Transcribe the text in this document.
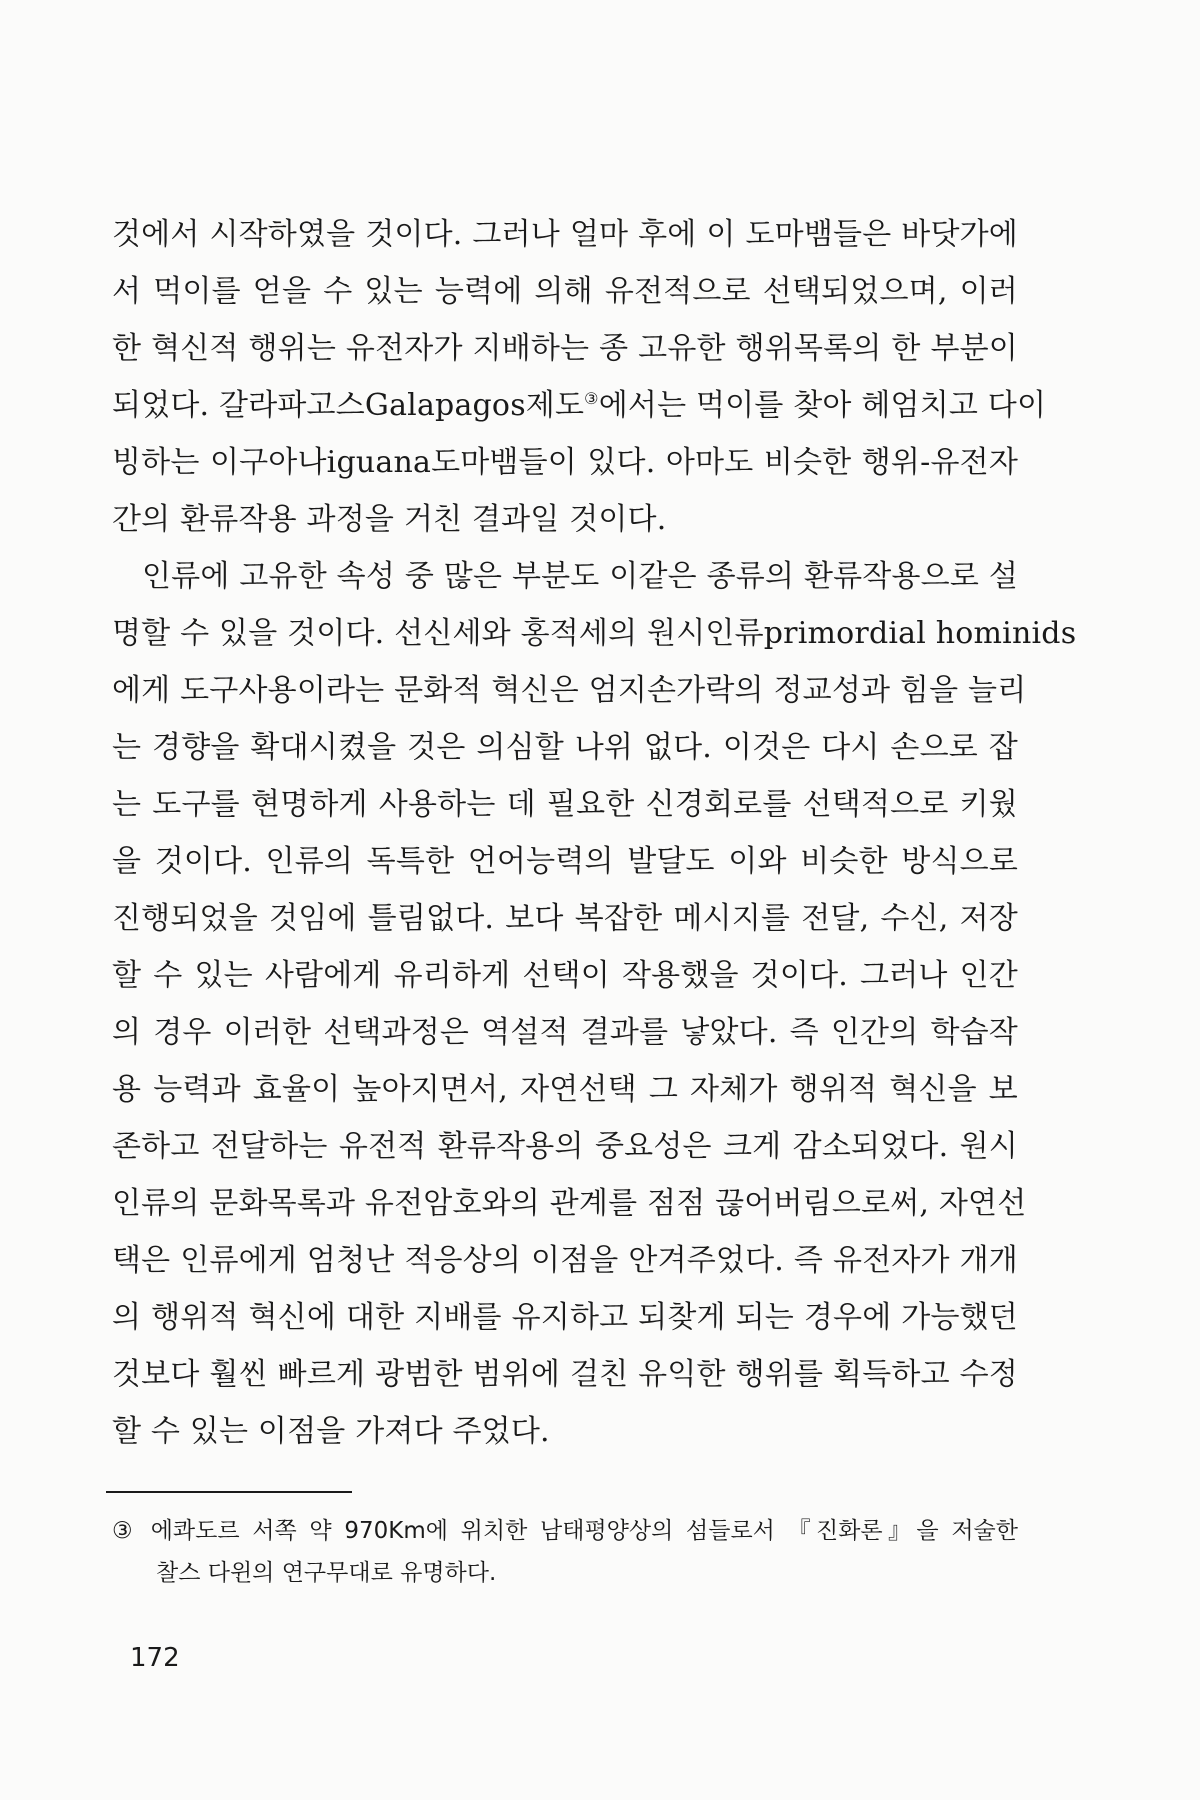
것에서 시작하였을 것이다. 그러나 얼마 후에 이 도마뱀들은 바닷가에
서 먹이를 얻을 수 있는 능력에 의해 유전적으로 선택되었으며, 이러
한 혁신적 행위는 유전자가 지배하는 종 고유한 행위목록의 한 부분이
되었다. 갈라파고스Galapagos제도③에서는 먹이를 찾아 헤엄치고 다이
빙하는 이구아나iguana도마뱀들이 있다. 아마도 비슷한 행위-유전자
간의 환류작용 과정을 거친 결과일 것이다.
인류에 고유한 속성 중 많은 부분도 이같은 종류의 환류작용으로 설
명할 수 있을 것이다. 선신세와 홍적세의 원시인류primordial hominids
에게 도구사용이라는 문화적 혁신은 엄지손가락의 정교성과 힘을 늘리
는 경향을 확대시켰을 것은 의심할 나위 없다. 이것은 다시 손으로 잡
는 도구를 현명하게 사용하는 데 필요한 신경회로를 선택적으로 키웠
을 것이다. 인류의 독특한 언어능력의 발달도 이와 비슷한 방식으로
진행되었을 것임에 틀림없다. 보다 복잡한 메시지를 전달, 수신, 저장
할 수 있는 사람에게 유리하게 선택이 작용했을 것이다. 그러나 인간
의 경우 이러한 선택과정은 역설적 결과를 낳았다. 즉 인간의 학습작
용 능력과 효율이 높아지면서, 자연선택 그 자체가 행위적 혁신을 보
존하고 전달하는 유전적 환류작용의 중요성은 크게 감소되었다. 원시
인류의 문화목록과 유전암호와의 관계를 점점 끊어버림으로써, 자연선
택은 인류에게 엄청난 적응상의 이점을 안겨주었다. 즉 유전자가 개개
의 행위적 혁신에 대한 지배를 유지하고 되찾게 되는 경우에 가능했던
것보다 훨씬 빠르게 광범한 범위에 걸친 유익한 행위를 획득하고 수정
할 수 있는 이점을 가져다 주었다.
③ 에콰도르 서쪽 약 970Km에 위치한 남태평양상의 섬들로서 『진화론』을 저술한
찰스 다윈의 연구무대로 유명하다.
172
